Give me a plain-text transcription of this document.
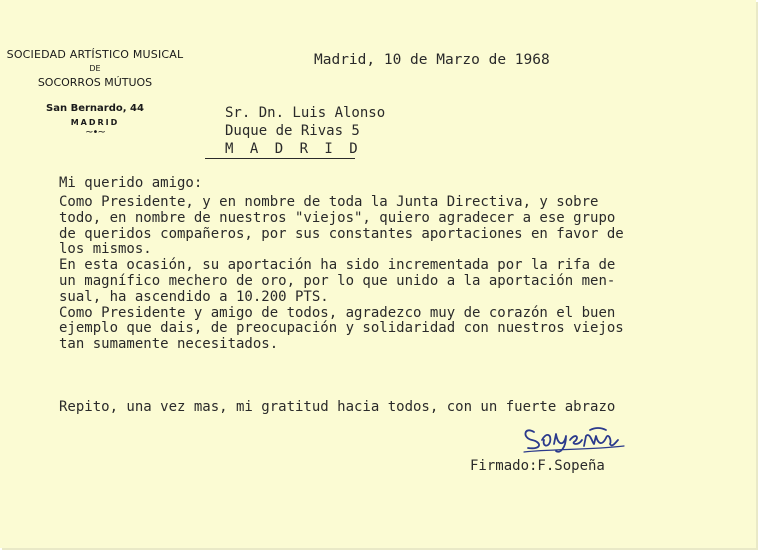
SOCIEDAD ARTÍSTICO MUSICAL
DE
SOCORROS MÚTUOS
San Bernardo, 44
MADRID
~•~
Madrid, 10 de Marzo de 1968
Sr. Dn. Luis Alonso
Duque de Rivas 5
M A D R I D
Mi querido amigo:
Como Presidente, y en nombre de toda la Junta Directiva, y sobre
todo, en nombre de nuestros "viejos", quiero agradecer a ese grupo
de queridos compañeros, por sus constantes aportaciones en favor de
los mismos.
En esta ocasión, su aportación ha sido incrementada por la rifa de
un magnífico mechero de oro, por lo que unido a la aportación men-
sual, ha ascendido a 10.200 PTS.
Como Presidente y amigo de todos, agradezco muy de corazón el buen
ejemplo que dais, de preocupación y solidaridad con nuestros viejos
tan sumamente necesitados.
Repito, una vez mas, mi gratitud hacia todos, con un fuerte abrazo
Firmado:F.Sopeña
